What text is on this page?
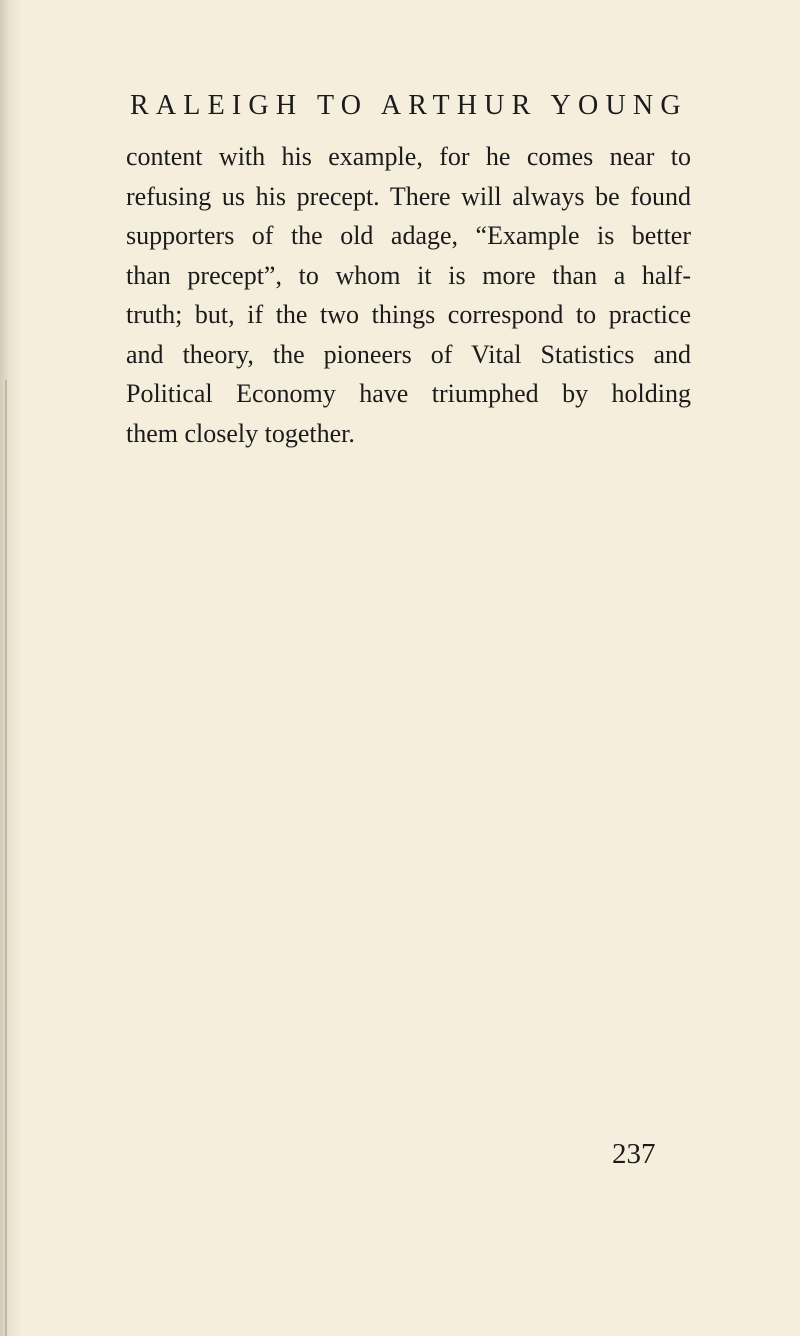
RALEIGH TO ARTHUR YOUNG

content with his example, for he comes near to
refusing us his precept. There will always be found
supporters of the old adage, “Example is better
than precept”, to whom it is more than a half-
truth; but, if the two things correspond to practice
and theory, the pioneers of Vital Statistics and
Political Economy have triumphed by holding
them closely together.

237
